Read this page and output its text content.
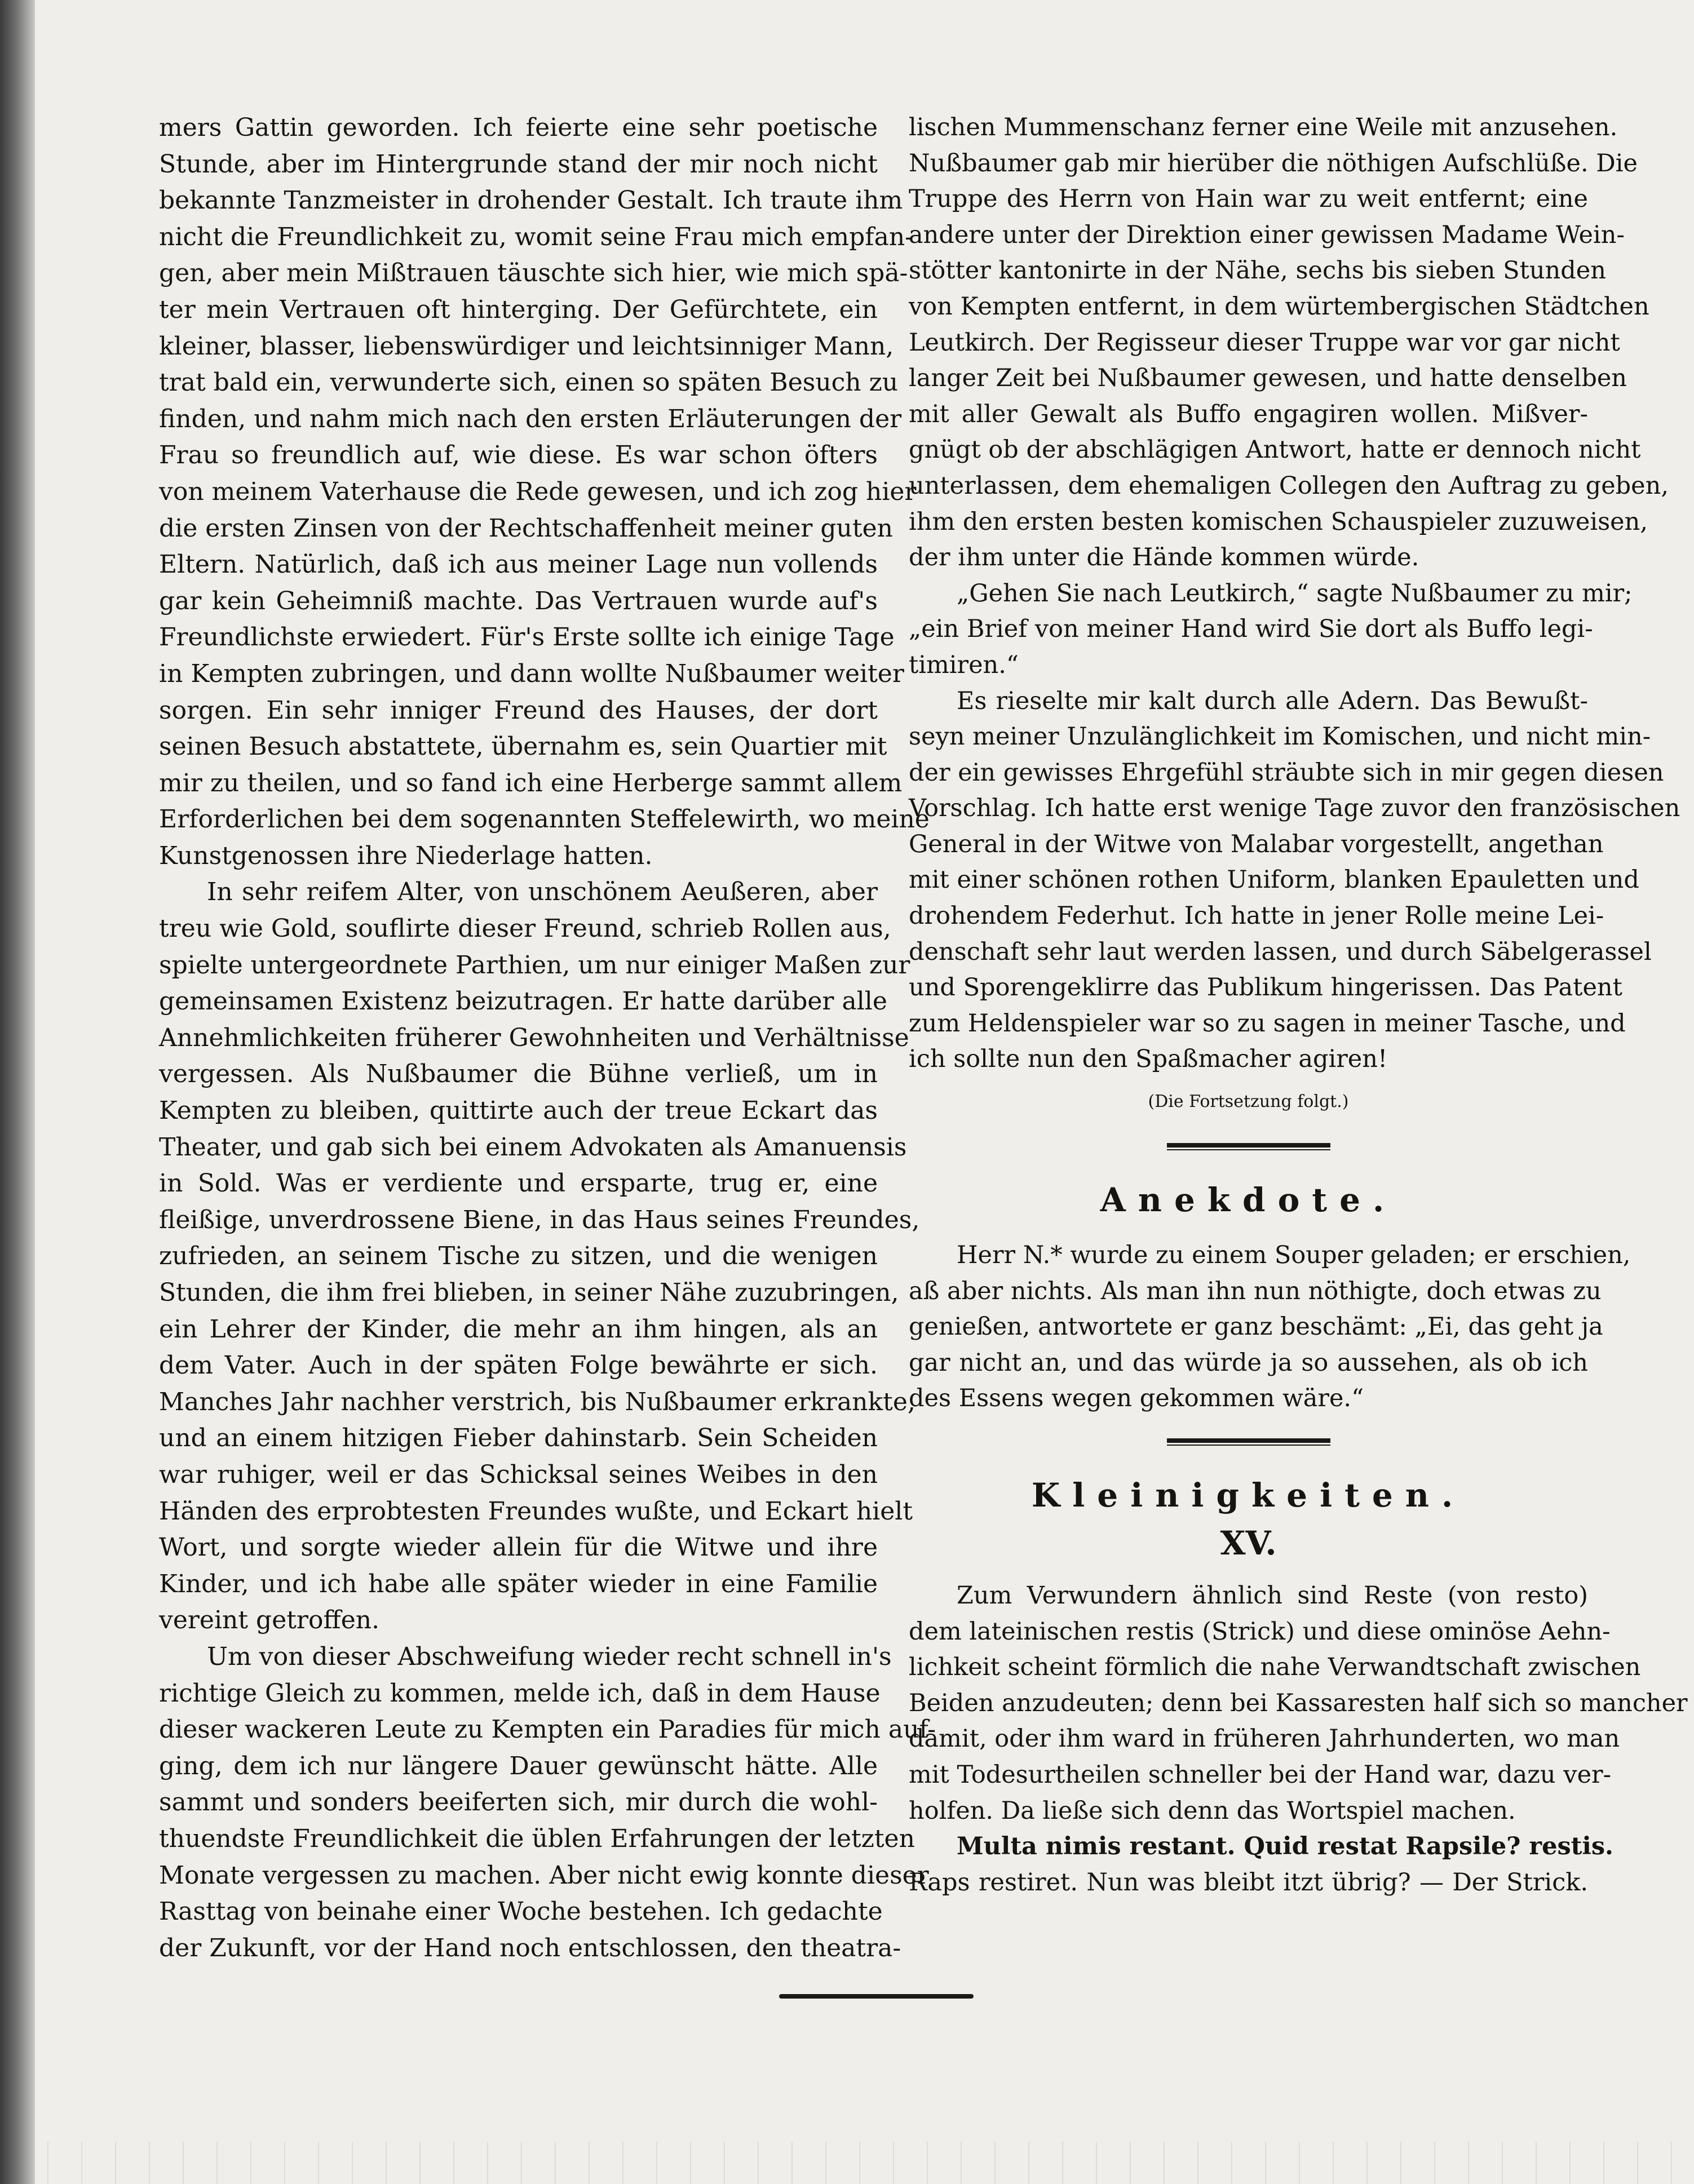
mers Gattin geworden. Ich feierte eine sehr poetische
Stunde, aber im Hintergrunde stand der mir noch nicht
bekannte Tanzmeister in drohender Gestalt. Ich traute ihm
nicht die Freundlichkeit zu, womit seine Frau mich empfan-
gen, aber mein Mißtrauen täuschte sich hier, wie mich spä-
ter mein Vertrauen oft hinterging. Der Gefürchtete, ein
kleiner, blasser, liebenswürdiger und leichtsinniger Mann,
trat bald ein, verwunderte sich, einen so späten Besuch zu
finden, und nahm mich nach den ersten Erläuterungen der
Frau so freundlich auf, wie diese. Es war schon öfters
von meinem Vaterhause die Rede gewesen, und ich zog hier
die ersten Zinsen von der Rechtschaffenheit meiner guten
Eltern. Natürlich, daß ich aus meiner Lage nun vollends
gar kein Geheimniß machte. Das Vertrauen wurde auf's
Freundlichste erwiedert. Für's Erste sollte ich einige Tage
in Kempten zubringen, und dann wollte Nußbaumer weiter
sorgen. Ein sehr inniger Freund des Hauses, der dort
seinen Besuch abstattete, übernahm es, sein Quartier mit
mir zu theilen, und so fand ich eine Herberge sammt allem
Erforderlichen bei dem sogenannten Steffelewirth, wo meine
Kunstgenossen ihre Niederlage hatten.
In sehr reifem Alter, von unschönem Aeußeren, aber
treu wie Gold, souflirte dieser Freund, schrieb Rollen aus,
spielte untergeordnete Parthien, um nur einiger Maßen zur
gemeinsamen Existenz beizutragen. Er hatte darüber alle
Annehmlichkeiten früherer Gewohnheiten und Verhältnisse
vergessen. Als Nußbaumer die Bühne verließ, um in
Kempten zu bleiben, quittirte auch der treue Eckart das
Theater, und gab sich bei einem Advokaten als Amanuensis
in Sold. Was er verdiente und ersparte, trug er, eine
fleißige, unverdrossene Biene, in das Haus seines Freundes,
zufrieden, an seinem Tische zu sitzen, und die wenigen
Stunden, die ihm frei blieben, in seiner Nähe zuzubringen,
ein Lehrer der Kinder, die mehr an ihm hingen, als an
dem Vater. Auch in der späten Folge bewährte er sich.
Manches Jahr nachher verstrich, bis Nußbaumer erkrankte,
und an einem hitzigen Fieber dahinstarb. Sein Scheiden
war ruhiger, weil er das Schicksal seines Weibes in den
Händen des erprobtesten Freundes wußte, und Eckart hielt
Wort, und sorgte wieder allein für die Witwe und ihre
Kinder, und ich habe alle später wieder in eine Familie
vereint getroffen.
Um von dieser Abschweifung wieder recht schnell in's
richtige Gleich zu kommen, melde ich, daß in dem Hause
dieser wackeren Leute zu Kempten ein Paradies für mich auf-
ging, dem ich nur längere Dauer gewünscht hätte. Alle
sammt und sonders beeiferten sich, mir durch die wohl-
thuendste Freundlichkeit die üblen Erfahrungen der letzten
Monate vergessen zu machen. Aber nicht ewig konnte dieser
Rasttag von beinahe einer Woche bestehen. Ich gedachte
der Zukunft, vor der Hand noch entschlossen, den theatra-
lischen Mummenschanz ferner eine Weile mit anzusehen.
Nußbaumer gab mir hierüber die nöthigen Aufschlüße. Die
Truppe des Herrn von Hain war zu weit entfernt; eine
andere unter der Direktion einer gewissen Madame Wein-
stötter kantonirte in der Nähe, sechs bis sieben Stunden
von Kempten entfernt, in dem würtembergischen Städtchen
Leutkirch. Der Regisseur dieser Truppe war vor gar nicht
langer Zeit bei Nußbaumer gewesen, und hatte denselben
mit aller Gewalt als Buffo engagiren wollen. Mißver-
gnügt ob der abschlägigen Antwort, hatte er dennoch nicht
unterlassen, dem ehemaligen Collegen den Auftrag zu geben,
ihm den ersten besten komischen Schauspieler zuzuweisen,
der ihm unter die Hände kommen würde.
„Gehen Sie nach Leutkirch,“ sagte Nußbaumer zu mir;
„ein Brief von meiner Hand wird Sie dort als Buffo legi-
timiren.“
Es rieselte mir kalt durch alle Adern. Das Bewußt-
seyn meiner Unzulänglichkeit im Komischen, und nicht min-
der ein gewisses Ehrgefühl sträubte sich in mir gegen diesen
Vorschlag. Ich hatte erst wenige Tage zuvor den französischen
General in der Witwe von Malabar vorgestellt, angethan
mit einer schönen rothen Uniform, blanken Epauletten und
drohendem Federhut. Ich hatte in jener Rolle meine Lei-
denschaft sehr laut werden lassen, und durch Säbelgerassel
und Sporengeklirre das Publikum hingerissen. Das Patent
zum Heldenspieler war so zu sagen in meiner Tasche, und
ich sollte nun den Spaßmacher agiren!
(Die Fortsetzung folgt.)
Anekdote.
Herr N.* wurde zu einem Souper geladen; er erschien,
aß aber nichts. Als man ihn nun nöthigte, doch etwas zu
genießen, antwortete er ganz beschämt: „Ei, das geht ja
gar nicht an, und das würde ja so aussehen, als ob ich
des Essens wegen gekommen wäre.“
Kleinigkeiten.
XV.
Zum Verwundern ähnlich sind Reste (von resto)
dem lateinischen restis (Strick) und diese ominöse Aehn-
lichkeit scheint förmlich die nahe Verwandtschaft zwischen
Beiden anzudeuten; denn bei Kassaresten half sich so mancher
damit, oder ihm ward in früheren Jahrhunderten, wo man
mit Todesurtheilen schneller bei der Hand war, dazu ver-
holfen. Da ließe sich denn das Wortspiel machen.
Multa nimis restant. Quid restat Rapsile? restis.
Raps restiret. Nun was bleibt itzt übrig? — Der Strick.
